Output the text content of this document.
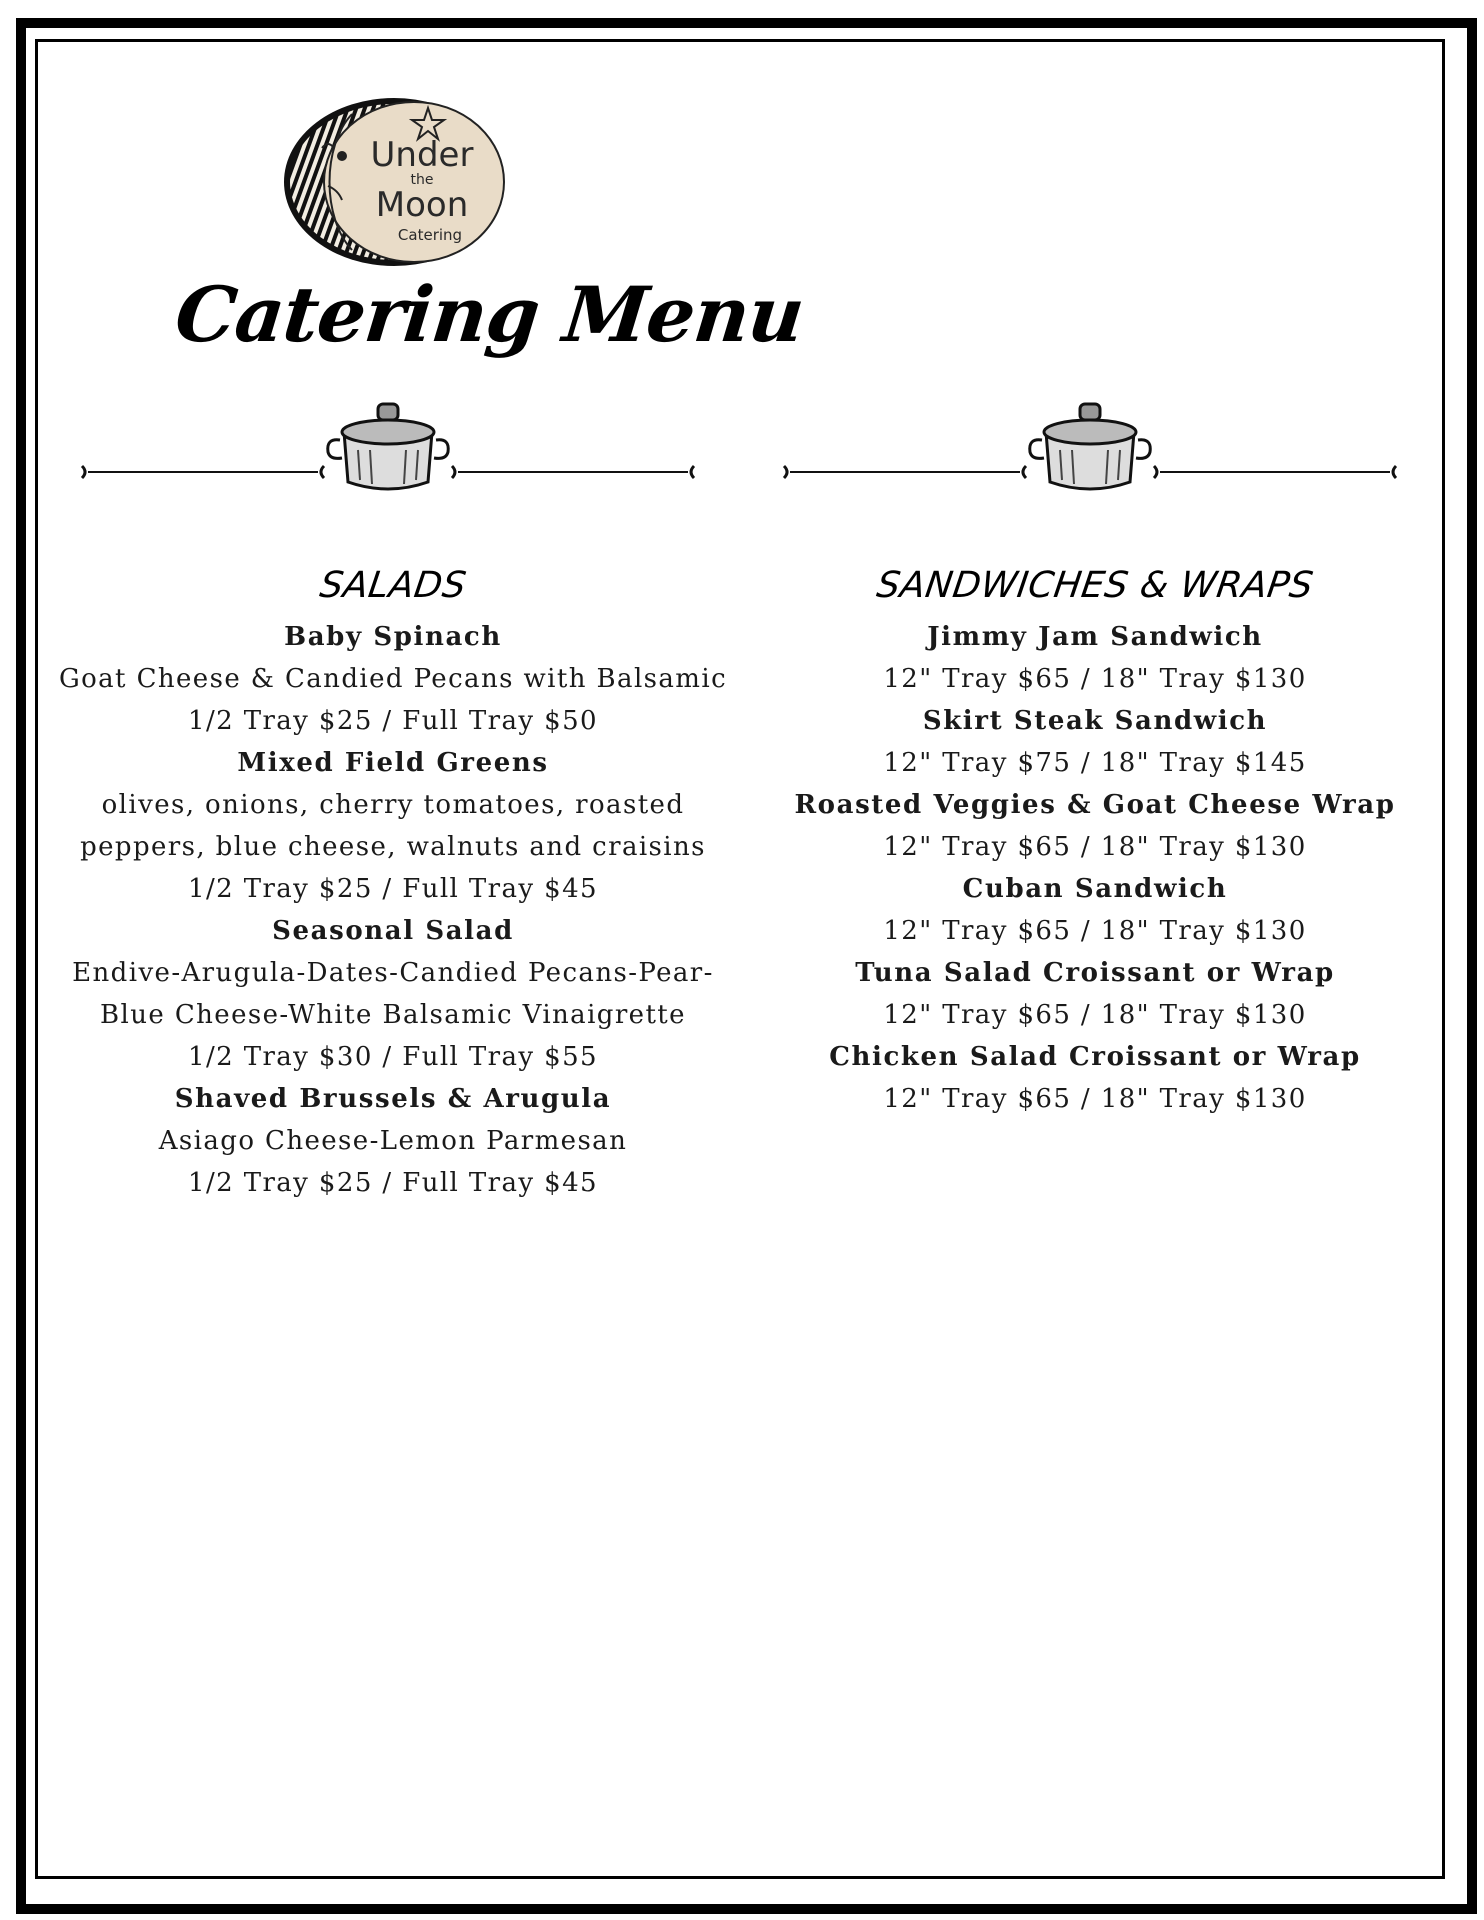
Under
the
Moon
Catering
Catering Menu
SALADS
Baby Spinach
Goat Cheese & Candied Pecans with Balsamic
1/2 Tray $25 / Full Tray $50
Mixed Field Greens
olives, onions, cherry tomatoes, roasted
peppers, blue cheese, walnuts and craisins
1/2 Tray $25 / Full Tray $45
Seasonal Salad
Endive-Arugula-Dates-Candied Pecans-Pear-
Blue Cheese-White Balsamic Vinaigrette
1/2 Tray $30 / Full Tray $55
Shaved Brussels & Arugula
Asiago Cheese-Lemon Parmesan
1/2 Tray $25 / Full Tray $45
SANDWICHES & WRAPS
Jimmy Jam Sandwich
12" Tray $65 / 18" Tray $130
Skirt Steak Sandwich
12" Tray $75 / 18" Tray $145
Roasted Veggies & Goat Cheese Wrap
12" Tray $65 / 18" Tray $130
Cuban Sandwich
12" Tray $65 / 18" Tray $130
Tuna Salad Croissant or Wrap
12" Tray $65 / 18" Tray $130
Chicken Salad Croissant or Wrap
12" Tray $65 / 18" Tray $130
